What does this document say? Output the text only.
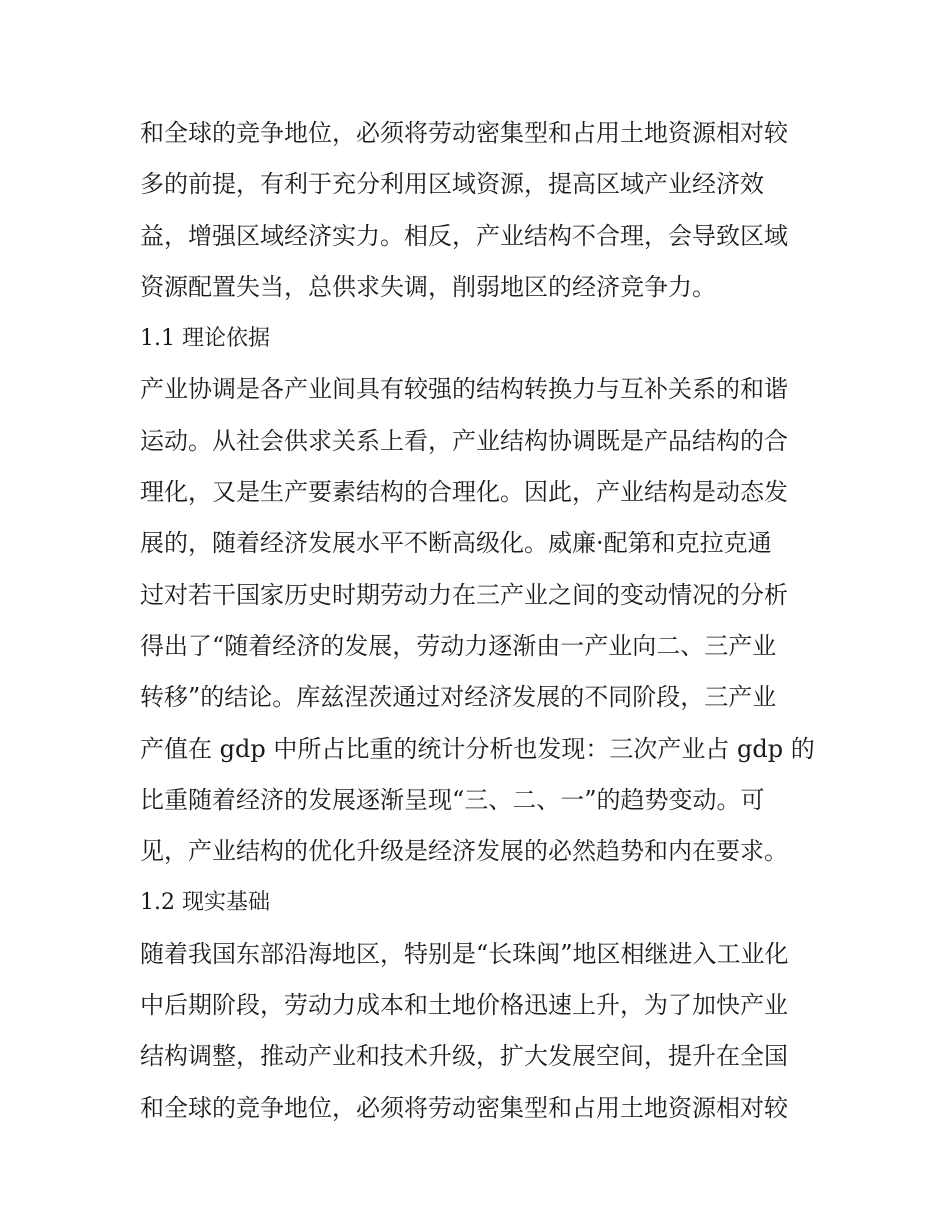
和全球的竞争地位，必须将劳动密集型和占用土地资源相对较
多的前提，有利于充分利用区域资源，提高区域产业经济效
益，增强区域经济实力。相反，产业结构不合理，会导致区域
资源配置失当，总供求失调，削弱地区的经济竞争力。
1.1 理论依据
产业协调是各产业间具有较强的结构转换力与互补关系的和谐
运动。从社会供求关系上看，产业结构协调既是产品结构的合
理化，又是生产要素结构的合理化。因此，产业结构是动态发
展的，随着经济发展水平不断高级化。威廉·配第和克拉克通
过对若干国家历史时期劳动力在三产业之间的变动情况的分析
得出了“随着经济的发展，劳动力逐渐由一产业向二、三产业
转移”的结论。库兹涅茨通过对经济发展的不同阶段，三产业
产值在 gdp 中所占比重的统计分析也发现：三次产业占 gdp 的
比重随着经济的发展逐渐呈现“三、二、一”的趋势变动。可
见，产业结构的优化升级是经济发展的必然趋势和内在要求。
1.2 现实基础
随着我国东部沿海地区，特别是“长珠闽”地区相继进入工业化
中后期阶段，劳动力成本和土地价格迅速上升，为了加快产业
结构调整，推动产业和技术升级，扩大发展空间，提升在全国
和全球的竞争地位，必须将劳动密集型和占用土地资源相对较
